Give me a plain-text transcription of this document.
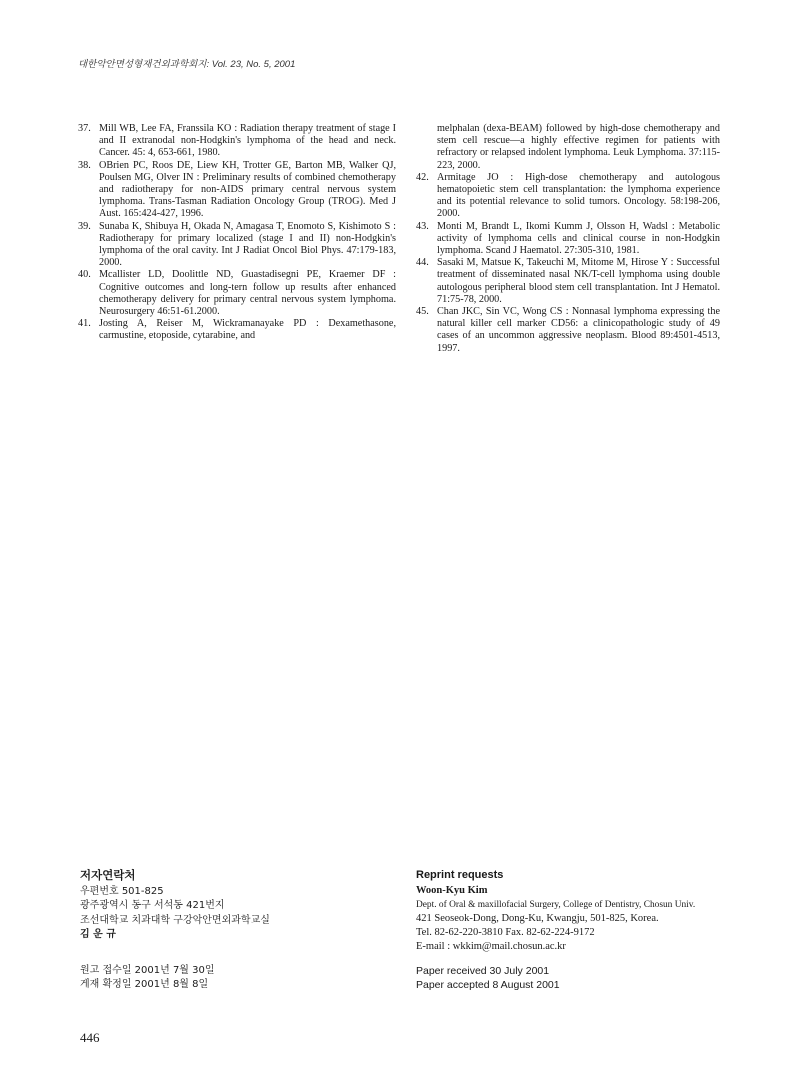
대한악안면성형재건외과학회지: Vol. 23, No. 5, 2001
37. Mill WB, Lee FA, Franssila KO : Radiation therapy treatment of stage I and II extranodal non-Hodgkin's lymphoma of the head and neck. Cancer. 45: 4, 653-661, 1980.
38. OBrien PC, Roos DE, Liew KH, Trotter GE, Barton MB, Walker QJ, Poulsen MG, Olver IN : Preliminary results of combined chemotherapy and radiotherapy for non-AIDS primary central nervous system lymphoma. Trans-Tasman Radiation Oncology Group (TROG). Med J Aust. 165:424-427, 1996.
39. Sunaba K, Shibuya H, Okada N, Amagasa T, Enomoto S, Kishimoto S : Radiotherapy for primary localized (stage I and II) non-Hodgkin's lymphoma of the oral cavity. Int J Radiat Oncol Biol Phys. 47:179-183, 2000.
40. Mcallister LD, Doolittle ND, Guastadisegni PE, Kraemer DF : Cognitive outcomes and long-tern follow up results after enhanced chemotherapy delivery for primary central nervous system lymphoma. Neurosurgery 46:51-61.2000.
41. Josting A, Reiser M, Wickramanayake PD : Dexamethasone, carmustine, etoposide, cytarabine, and
melphalan (dexa-BEAM) followed by high-dose chemotherapy and stem cell rescue—a highly effective regimen for patients with refractory or relapsed indolent lymphoma. Leuk Lymphoma. 37:115-223, 2000.
42. Armitage JO : High-dose chemotherapy and autologous hematopoietic stem cell transplantation: the lymphoma experience and its potential relevance to solid tumors. Oncology. 58:198-206, 2000.
43. Monti M, Brandt L, Ikomi Kumm J, Olsson H, Wadsl : Metabolic activity of lymphoma cells and clinical course in non-Hodgkin lymphoma. Scand J Haematol. 27:305-310, 1981.
44. Sasaki M, Matsue K, Takeuchi M, Mitome M, Hirose Y : Successful treatment of disseminated nasal NK/T-cell lymphoma using double autologous peripheral blood stem cell transplantation. Int J Hematol. 71:75-78, 2000.
45. Chan JKC, Sin VC, Wong CS : Nonnasal lymphoma expressing the natural killer cell marker CD56: a clinicopathologic study of 49 cases of an uncommon aggressive neoplasm. Blood 89:4501-4513, 1997.
저자연락처
우편번호 501-825
광주광역시 동구 서석동 421번지
조선대학교 치과대학 구강악안면외과학교실
김 운 규
Reprint requests
Woon-Kyu Kim
Dept. of Oral & maxillofacial Surgery, College of Dentistry, Chosun Univ.
421 Seoseok-Dong, Dong-Ku, Kwangju, 501-825, Korea.
Tel. 82-62-220-3810 Fax. 82-62-224-9172
E-mail : wkkim@mail.chosun.ac.kr
원고 접수일 2001년 7월 30일
게재 확정일 2001년 8월 8일
Paper received 30 July 2001
Paper accepted 8 August 2001
446
